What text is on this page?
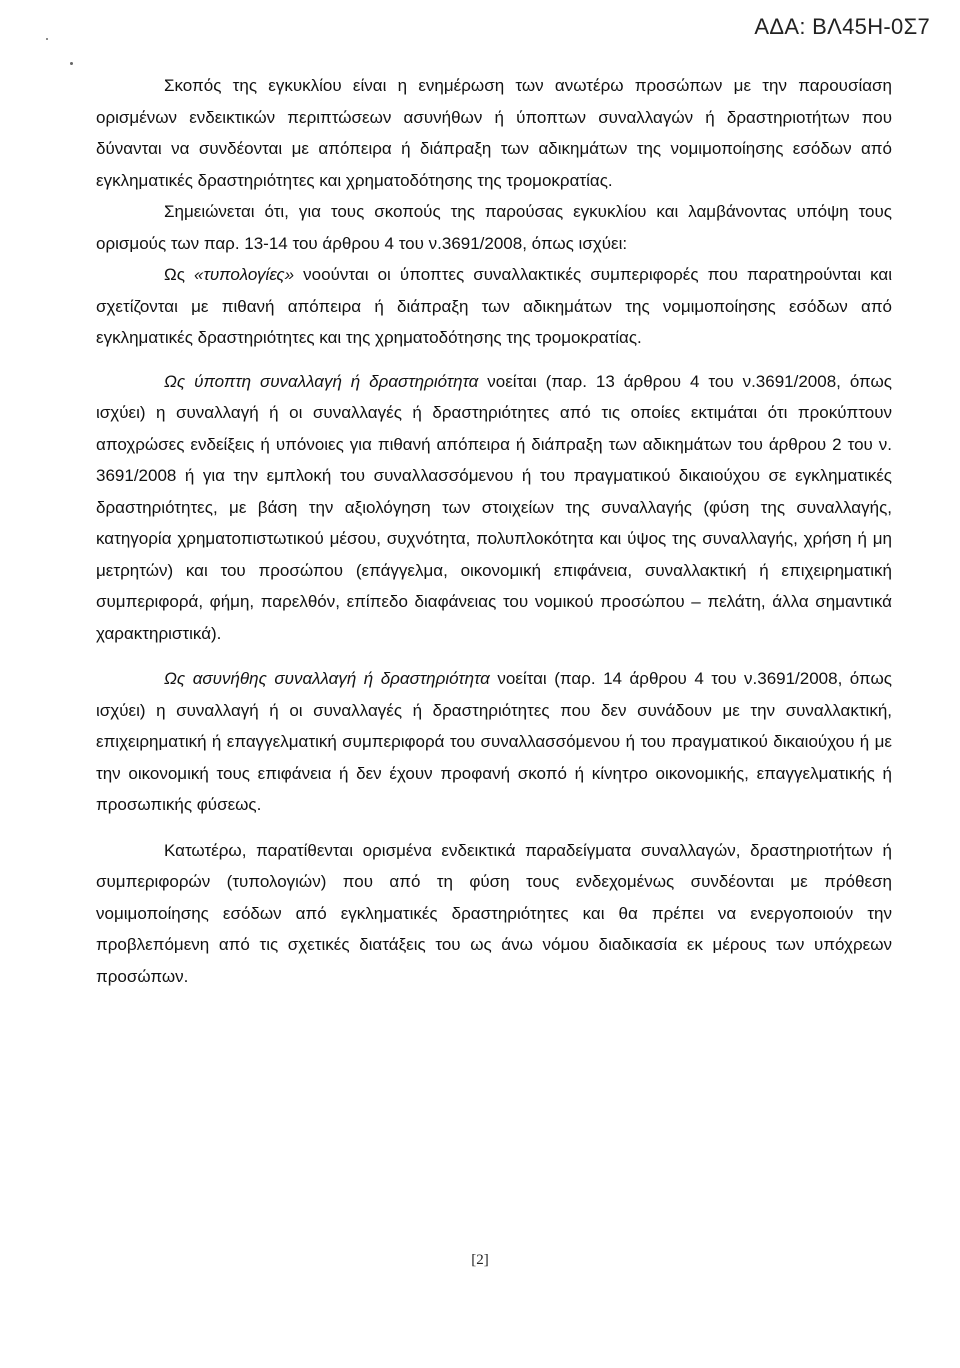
ΑΔΑ: ΒΛ45Η-0Σ7

Σκοπός της εγκυκλίου είναι η ενημέρωση των ανωτέρω προσώπων με την παρουσίαση ορισμένων ενδεικτικών περιπτώσεων ασυνήθων ή ύποπτων συναλλαγών ή δραστηριοτήτων που δύνανται να συνδέονται με απόπειρα ή διάπραξη των αδικημάτων της νομιμοποίησης εσόδων από εγκληματικές δραστηριότητες και χρηματοδότησης της τρομοκρατίας.

Σημειώνεται ότι, για τους σκοπούς της παρούσας εγκυκλίου και λαμβάνοντας υπόψη τους ορισμούς των παρ. 13-14 του άρθρου 4 του ν.3691/2008, όπως ισχύει:

Ως «τυπολογίες» νοούνται οι ύποπτες συναλλακτικές συμπεριφορές που παρατηρούνται και σχετίζονται με πιθανή απόπειρα ή διάπραξη των αδικημάτων της νομιμοποίησης εσόδων από εγκληματικές δραστηριότητες και της χρηματοδότησης της τρομοκρατίας.

Ως ύποπτη συναλλαγή ή δραστηριότητα νοείται (παρ. 13 άρθρου 4 του ν.3691/2008, όπως ισχύει) η συναλλαγή ή οι συναλλαγές ή δραστηριότητες από τις οποίες εκτιμάται ότι προκύπτουν αποχρώσες ενδείξεις ή υπόνοιες για πιθανή απόπειρα ή διάπραξη των αδικημάτων του άρθρου 2 του ν. 3691/2008 ή για την εμπλοκή του συναλλασσόμενου ή του πραγματικού δικαιούχου σε εγκληματικές δραστηριότητες, με βάση την αξιολόγηση των στοιχείων της συναλλαγής (φύση της συναλλαγής, κατηγορία χρηματοπιστωτικού μέσου, συχνότητα, πολυπλοκότητα και ύψος της συναλλαγής, χρήση ή μη μετρητών) και του προσώπου (επάγγελμα, οικονομική επιφάνεια, συναλλακτική ή επιχειρηματική συμπεριφορά, φήμη, παρελθόν, επίπεδο διαφάνειας του νομικού προσώπου – πελάτη, άλλα σημαντικά χαρακτηριστικά).

Ως ασυνήθης συναλλαγή ή δραστηριότητα νοείται (παρ. 14 άρθρου 4 του ν.3691/2008, όπως ισχύει) η συναλλαγή ή οι συναλλαγές ή δραστηριότητες που δεν συνάδουν με την συναλλακτική, επιχειρηματική ή επαγγελματική συμπεριφορά του συναλλασσόμενου ή του πραγματικού δικαιούχου ή με την οικονομική τους επιφάνεια ή δεν έχουν προφανή σκοπό ή κίνητρο οικονομικής, επαγγελματικής ή προσωπικής φύσεως.

Κατωτέρω, παρατίθενται ορισμένα ενδεικτικά παραδείγματα συναλλαγών, δραστηριοτήτων ή συμπεριφορών (τυπολογιών) που από τη φύση τους ενδεχομένως συνδέονται με πρόθεση νομιμοποίησης εσόδων από εγκληματικές δραστηριότητες και θα πρέπει να ενεργοποιούν την προβλεπόμενη από τις σχετικές διατάξεις του ως άνω νόμου διαδικασία εκ μέρους των υπόχρεων προσώπων.

[2]
